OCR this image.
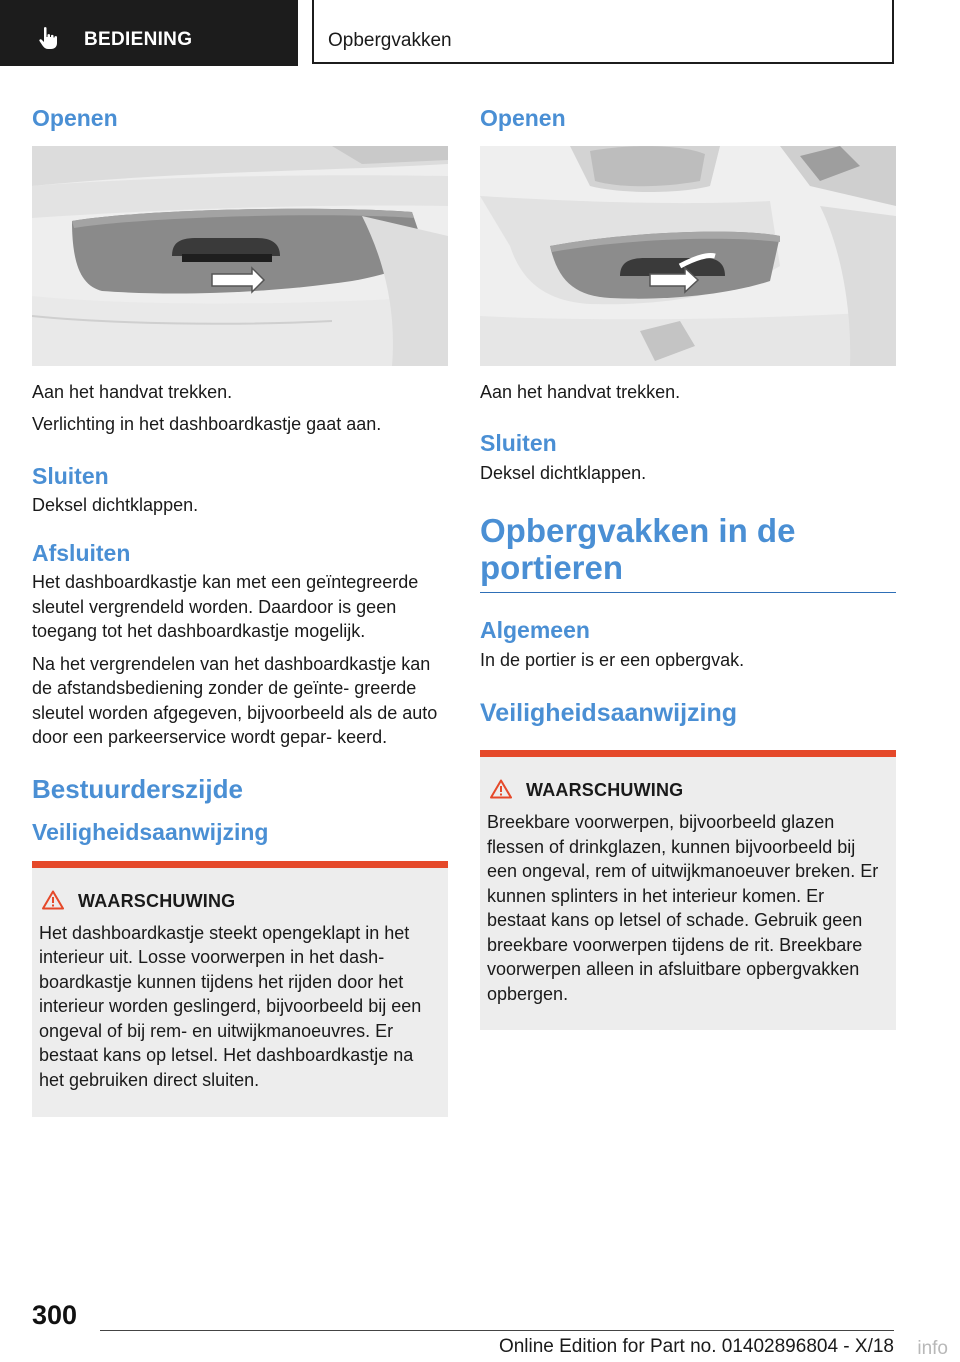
BEDIENING	Opbergvakken
Openen

Aan het handvat trekken.

Verlichting in het dashboardkastje gaat aan.

Sluiten

Deksel dichtklappen.

Afsluiten

Het dashboardkastje kan met een geïntegreerde sleutel vergrendeld worden. Daardoor is geen toegang tot het dashboardkastje mogelijk.

Na het vergrendelen van het dashboardkastje kan de afstandsbediening zonder de geïnte- greerde sleutel worden afgegeven, bijvoorbeeld als de auto door een parkeerservice wordt gepar- keerd.

Bestuurderszijde
Veiligheidsaanwijzing
WAARSCHUWING

Het dashboardkastje steekt opengeklapt in het interieur uit. Losse voorwerpen in het dash- boardkastje kunnen tijdens het rijden door het interieur worden geslingerd, bijvoorbeeld bij een ongeval of bij rem- en uitwijkmanoeuvres. Er bestaat kans op letsel. Het dashboardkastje na het gebruiken direct sluiten.

Openen

Aan het handvat trekken.

Sluiten

Deksel dichtklappen.

Opbergvakken in de portieren
Algemeen

In de portier is er een opbergvak.

Veiligheidsaanwijzing
WAARSCHUWING

Breekbare voorwerpen, bijvoorbeeld glazen flessen of drinkglazen, kunnen bijvoorbeeld bij een ongeval, rem of uitwijkmanoeuver breken. Er kunnen splinters in het interieur komen. Er bestaat kans op letsel of schade. Gebruik geen breekbare voorwerpen tijdens de rit. Breekbare voorwerpen alleen in afsluitbare opbergvakken opbergen.

300
Online Edition for Part no. 01402896804 - X/18 info
